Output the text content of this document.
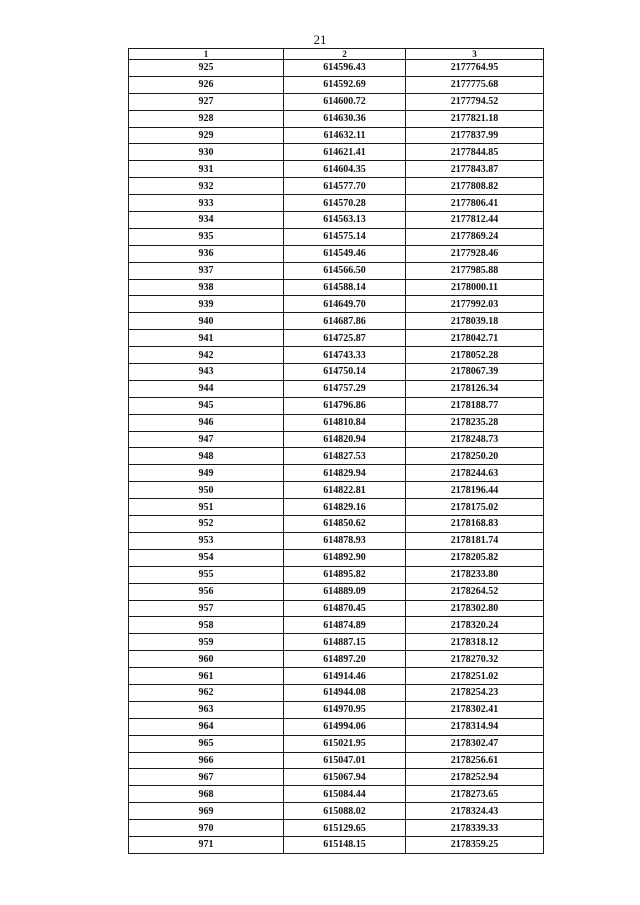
21
1	2	3
925	614596.43	2177764.95
926	614592.69	2177775.68
927	614600.72	2177794.52
928	614630.36	2177821.18
929	614632.11	2177837.99
930	614621.41	2177844.85
931	614604.35	2177843.87
932	614577.70	2177808.82
933	614570.28	2177806.41
934	614563.13	2177812.44
935	614575.14	2177869.24
936	614549.46	2177928.46
937	614566.50	2177985.88
938	614588.14	2178000.11
939	614649.70	2177992.03
940	614687.86	2178039.18
941	614725.87	2178042.71
942	614743.33	2178052.28
943	614750.14	2178067.39
944	614757.29	2178126.34
945	614796.86	2178188.77
946	614810.84	2178235.28
947	614820.94	2178248.73
948	614827.53	2178250.20
949	614829.94	2178244.63
950	614822.81	2178196.44
951	614829.16	2178175.02
952	614850.62	2178168.83
953	614878.93	2178181.74
954	614892.90	2178205.82
955	614895.82	2178233.80
956	614889.09	2178264.52
957	614870.45	2178302.80
958	614874.89	2178320.24
959	614887.15	2178318.12
960	614897.20	2178270.32
961	614914.46	2178251.02
962	614944.08	2178254.23
963	614970.95	2178302.41
964	614994.06	2178314.94
965	615021.95	2178302.47
966	615047.01	2178256.61
967	615067.94	2178252.94
968	615084.44	2178273.65
969	615088.02	2178324.43
970	615129.65	2178339.33
971	615148.15	2178359.25
